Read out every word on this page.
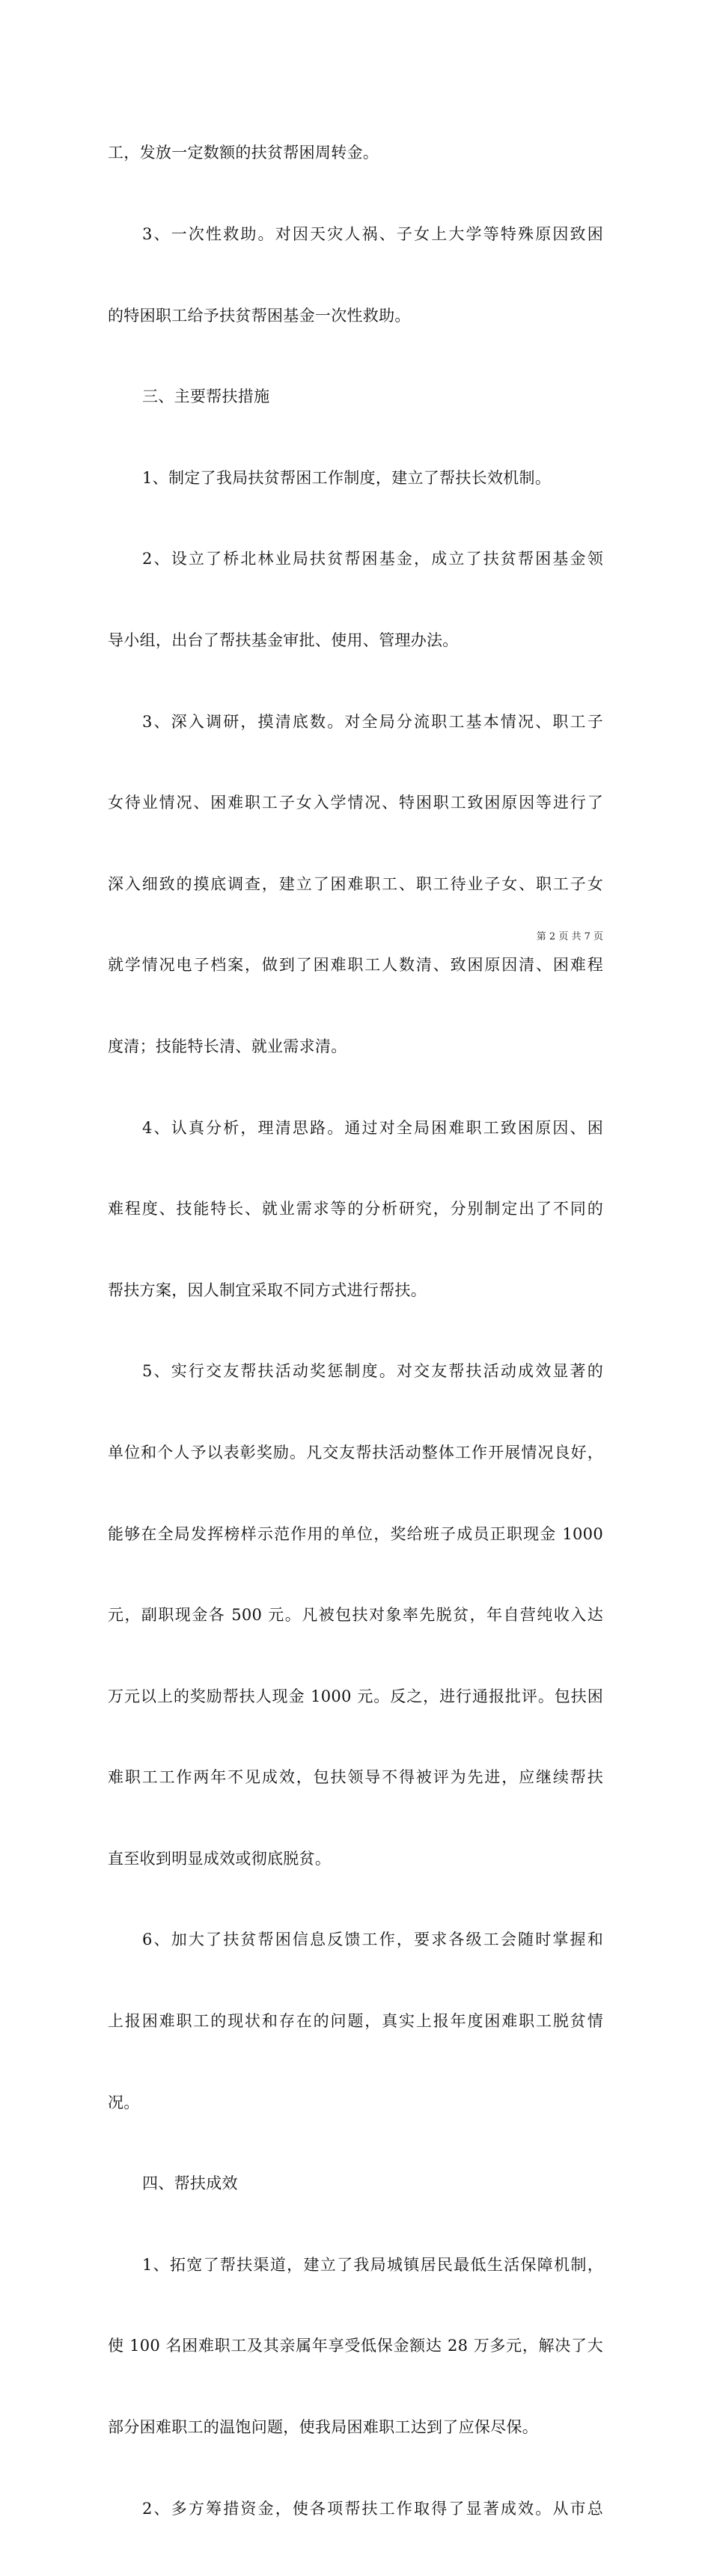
工，发放一定数额的扶贫帮困周转金。

3、一次性救助。对因天灾人祸、子女上大学等特殊原因致困

的特困职工给予扶贫帮困基金一次性救助。

三、主要帮扶措施

1、制定了我局扶贫帮困工作制度，建立了帮扶长效机制。

2、设立了桥北林业局扶贫帮困基金，成立了扶贫帮困基金领

导小组，出台了帮扶基金审批、使用、管理办法。

3、深入调研，摸清底数。对全局分流职工基本情况、职工子

女待业情况、困难职工子女入学情况、特困职工致困原因等进行了

深入细致的摸底调查，建立了困难职工、职工待业子女、职工子女

就学情况电子档案，做到了困难职工人数清、致困原因清、困难程

度清；技能特长清、就业需求清。

4、认真分析，理清思路。通过对全局困难职工致困原因、困

难程度、技能特长、就业需求等的分析研究，分别制定出了不同的

帮扶方案，因人制宜采取不同方式进行帮扶。

5、实行交友帮扶活动奖惩制度。对交友帮扶活动成效显著的

单位和个人予以表彰奖励。凡交友帮扶活动整体工作开展情况良好，

能够在全局发挥榜样示范作用的单位，奖给班子成员正职现金 1000

元，副职现金各 500 元。凡被包扶对象率先脱贫，年自营纯收入达

万元以上的奖励帮扶人现金 1000 元。反之，进行通报批评。包扶困

难职工工作两年不见成效，包扶领导不得被评为先进，应继续帮扶

直至收到明显成效或彻底脱贫。

6、加大了扶贫帮困信息反馈工作，要求各级工会随时掌握和

上报困难职工的现状和存在的问题，真实上报年度困难职工脱贫情

况。

四、帮扶成效

1、拓宽了帮扶渠道，建立了我局城镇居民最低生活保障机制，

使 100 名困难职工及其亲属年享受低保金额达 28 万多元，解决了大

部分困难职工的温饱问题，使我局困难职工达到了应保尽保。

2、多方筹措资金，使各项帮扶工作取得了显著成效。从市总

第 2 页 共 7 页
